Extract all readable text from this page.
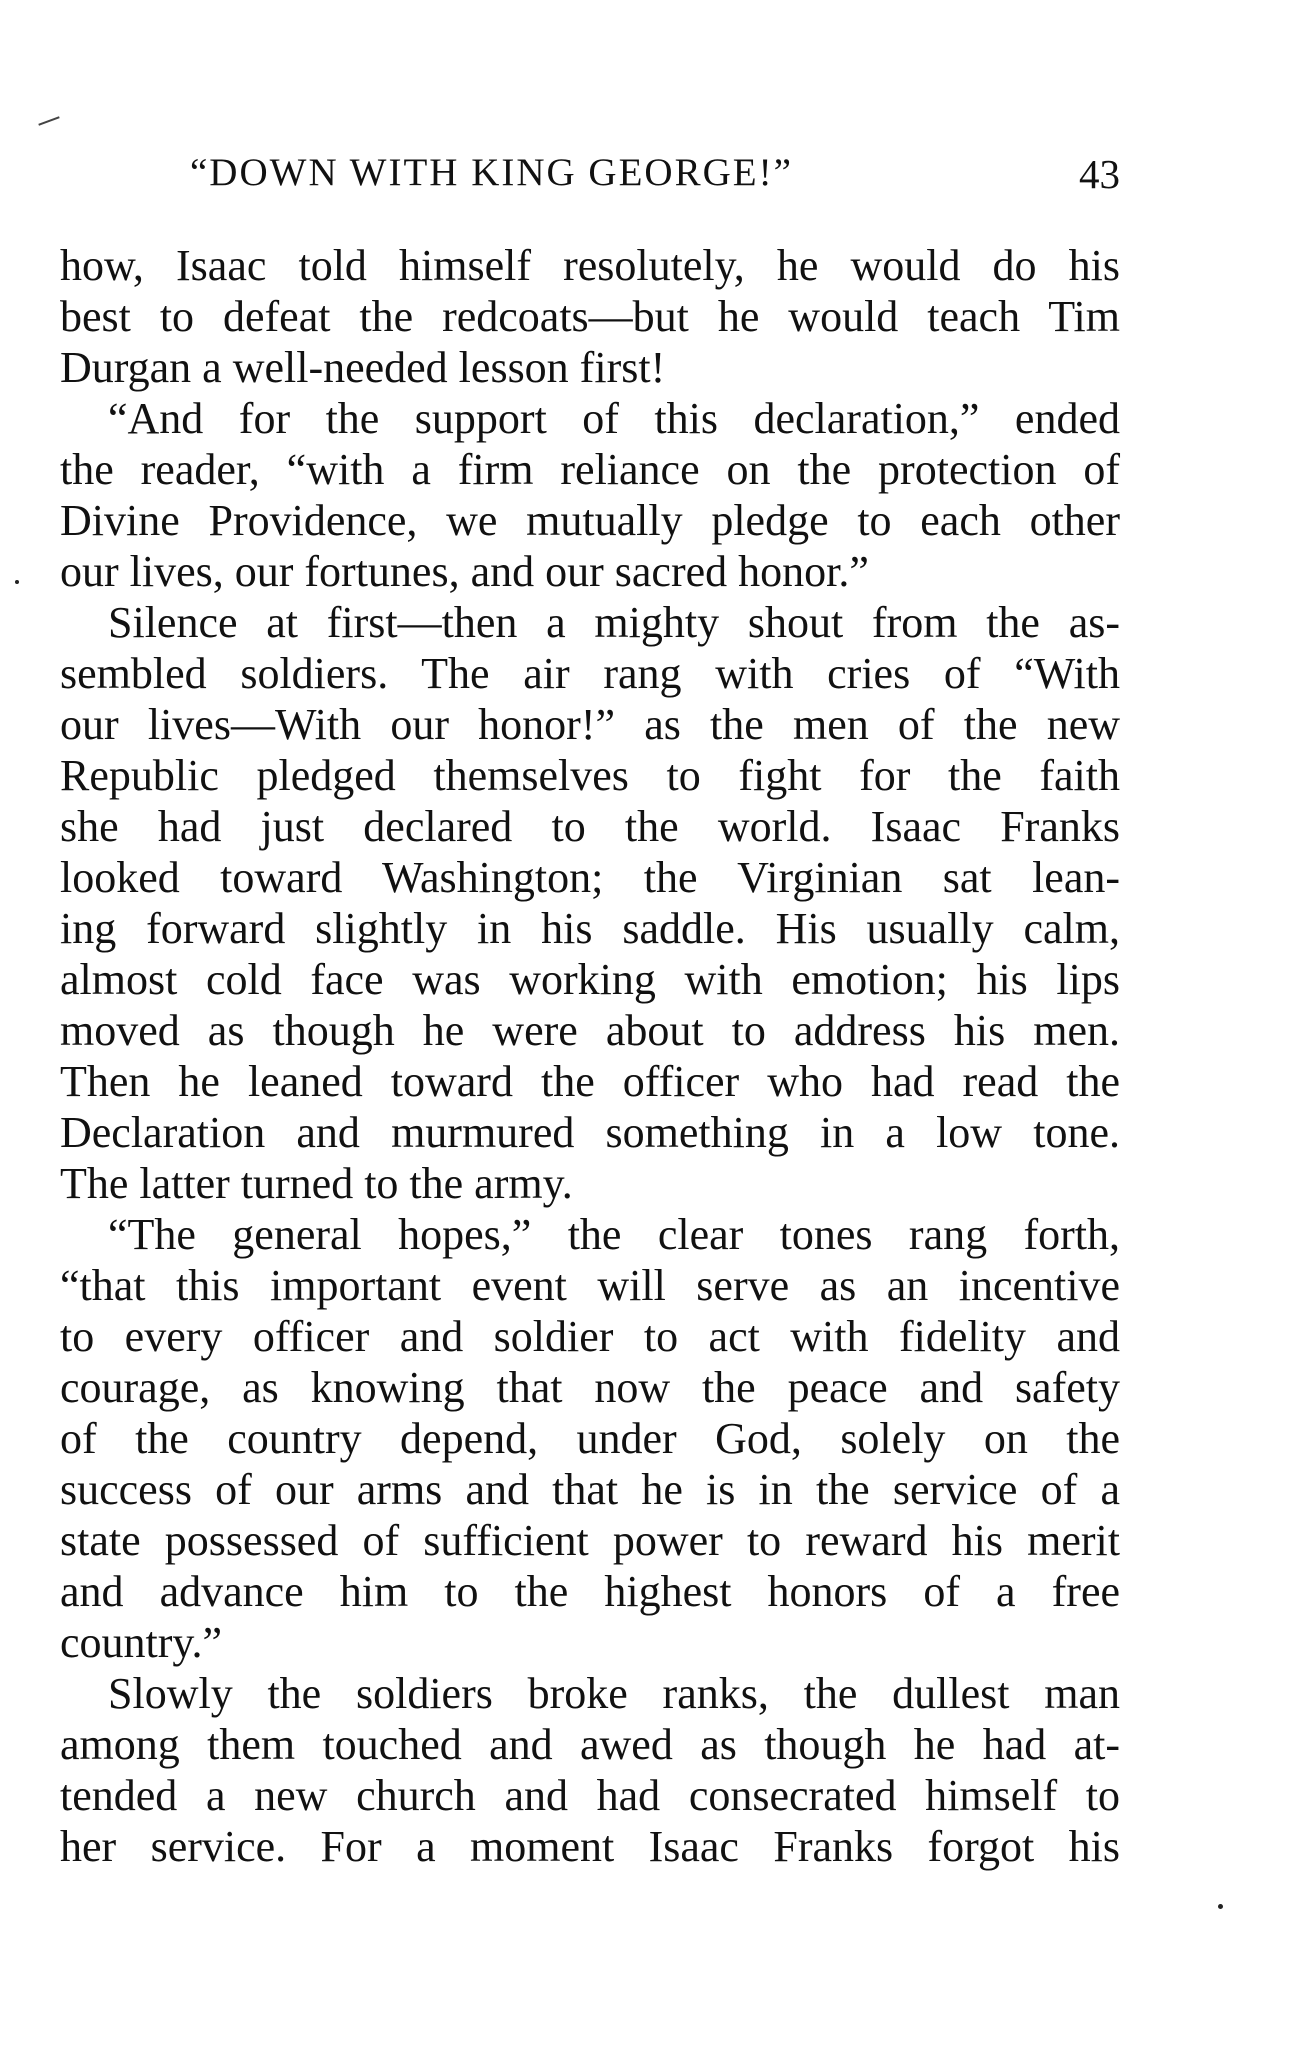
“DOWN WITH KING GEORGE!”	43
how, Isaac told himself resolutely, he would do his
best to defeat the redcoats—but he would teach Tim
Durgan a well-needed lesson first!
“And for the support of this declaration,” ended
the reader, “with a firm reliance on the protection of
Divine Providence, we mutually pledge to each other
our lives, our fortunes, and our sacred honor.”
Silence at first—then a mighty shout from the as-
sembled soldiers. The air rang with cries of “With
our lives—With our honor!” as the men of the new
Republic pledged themselves to fight for the faith
she had just declared to the world. Isaac Franks
looked toward Washington; the Virginian sat lean-
ing forward slightly in his saddle. His usually calm,
almost cold face was working with emotion; his lips
moved as though he were about to address his men.
Then he leaned toward the officer who had read the
Declaration and murmured something in a low tone.
The latter turned to the army.
“The general hopes,” the clear tones rang forth,
“that this important event will serve as an incentive
to every officer and soldier to act with fidelity and
courage, as knowing that now the peace and safety
of the country depend, under God, solely on the
success of our arms and that he is in the service of a
state possessed of sufficient power to reward his merit
and advance him to the highest honors of a free
country.”
Slowly the soldiers broke ranks, the dullest man
among them touched and awed as though he had at-
tended a new church and had consecrated himself to
her service. For a moment Isaac Franks forgot his
